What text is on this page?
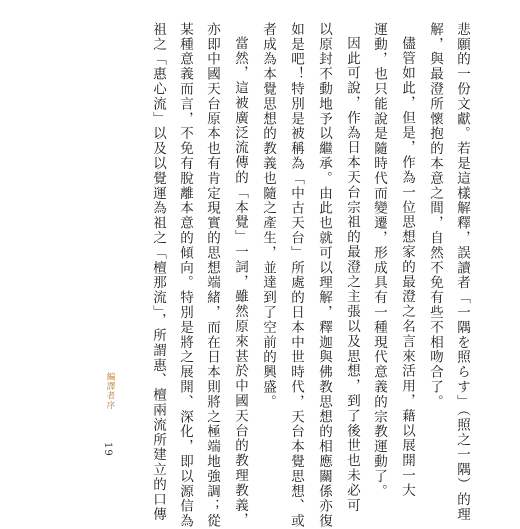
悲願的一份文獻。若是這樣解釋，誤讀者「一隅を照らす」（照之一隅）的理
解，與最澄所懷抱的本意之間，自然不免有些不相吻合了。
儘管如此，但是，作為一位思想家的最澄之名言來活用，藉以展開一大
運動，也只能說是隨時代而變遷，形成具有一種現代意義的宗教運動了。
因此可說，作為日本天台宗祖的最澄之主張以及思想，到了後世也未必可
以原封不動地予以繼承。由此也就可以理解，釋迦與佛教思想的相應關係亦復
如是吧！特別是被稱為「中古天台」所處的日本中世時代，天台本覺思想、或
者成為本覺思想的教義也隨之產生，並達到了空前的興盛。
當然，這被廣泛流傳的「本覺」一詞，雖然原來甚於中國天台的教理教義，
亦即中國天台原本也有肯定現實的思想端緒，而在日本則將之極端地強調；從
某種意義而言，不免有脫離本意的傾向。特別是將之展開、深化，即以源信為
祖之「惠心流」以及以覺運為祖之「檀那流」，所謂惠、檀兩流所建立的口傳
編譯者序
19
